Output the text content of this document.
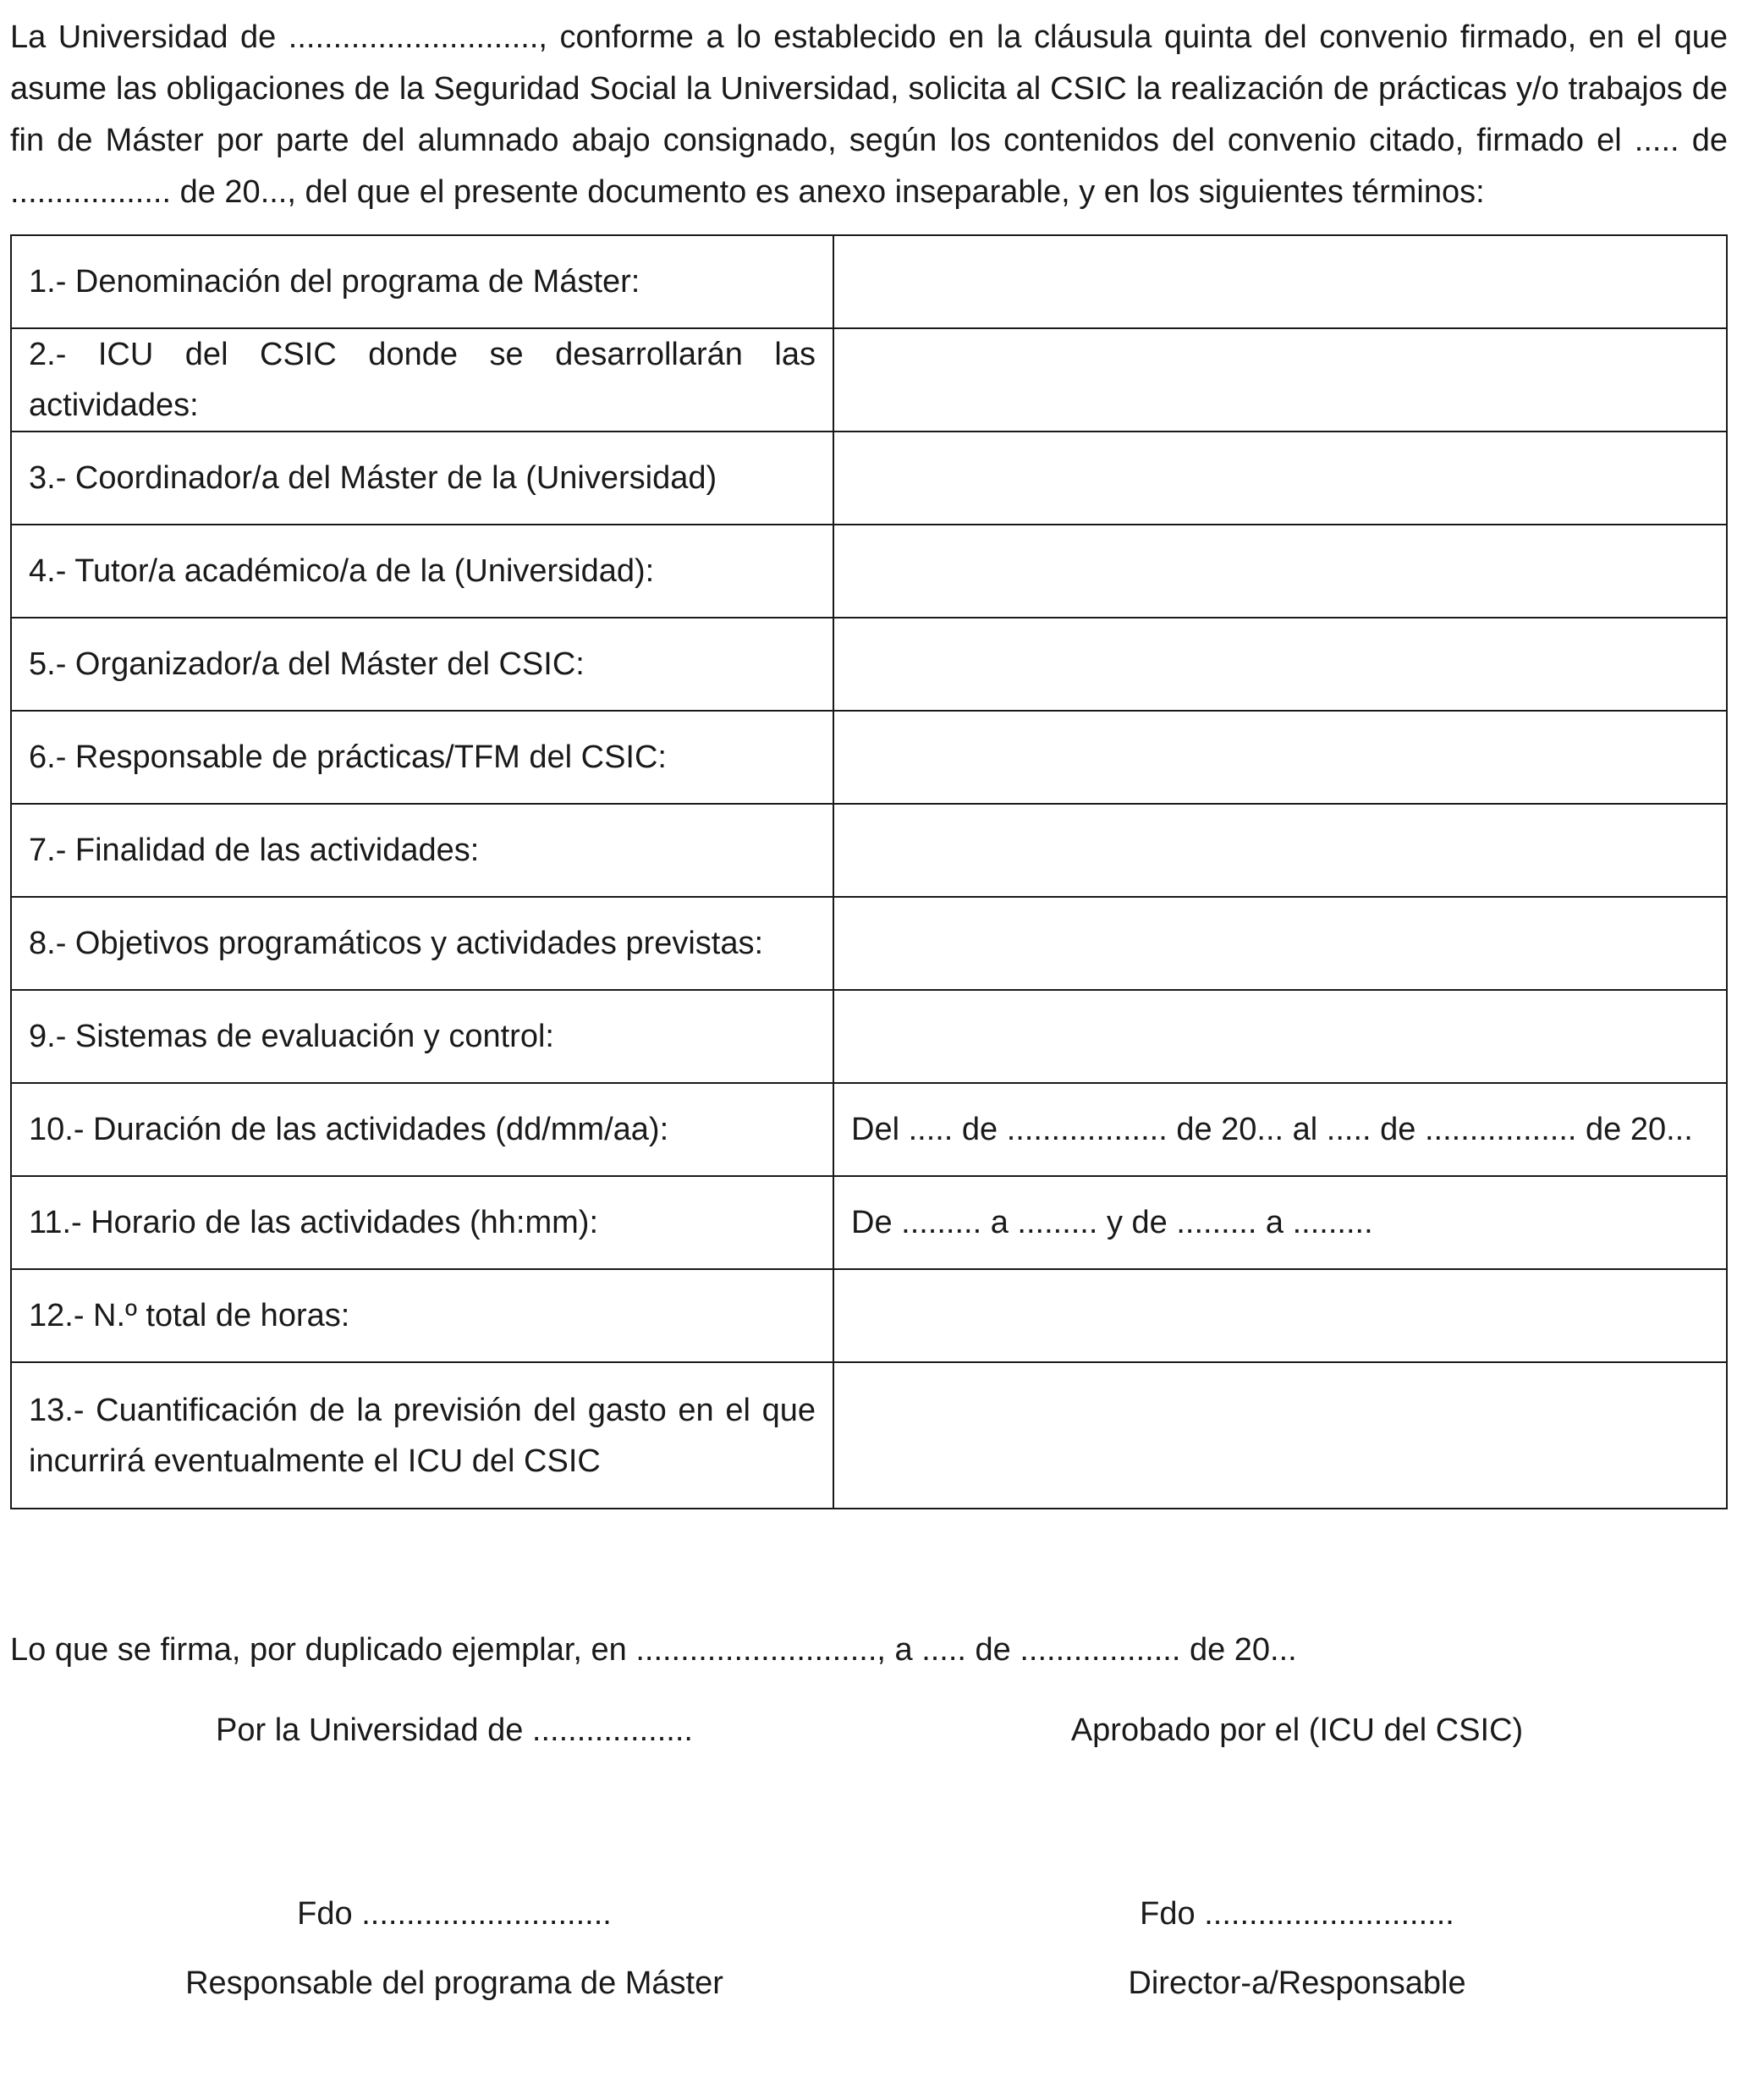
La Universidad de ............................, conforme a lo establecido en la cláusula quinta del convenio firmado, en el que asume las obligaciones de la Seguridad Social la Universidad, solicita al CSIC la realización de prácticas y/o trabajos de fin de Máster por parte del alumnado abajo consignado, según los contenidos del convenio citado, firmado el ..... de .................. de 20..., del que el presente documento es anexo inseparable, y en los siguientes términos:

1.- Denominación del programa de Máster:	
2.- ICU del CSIC donde se desarrollarán las actividades:	
3.- Coordinador/a del Máster de la (Universidad)	
4.- Tutor/a académico/a de la (Universidad):	
5.- Organizador/a del Máster del CSIC:	
6.- Responsable de prácticas/TFM del CSIC:	
7.- Finalidad de las actividades:	
8.- Objetivos programáticos y actividades previstas:	
9.- Sistemas de evaluación y control:	
10.- Duración de las actividades (dd/mm/aa):	Del ..... de .................. de 20... al ..... de ................. de 20...
11.- Horario de las actividades (hh:mm):	De ......... a ......... y de ......... a .........
12.- N.º total de horas:	
13.- Cuantificación de la previsión del gasto en el que incurrirá eventualmente el ICU del CSIC	

Lo que se firma, por duplicado ejemplar, en ..........................., a ..... de .................. de 20...

Por la Universidad de ..................
Fdo ............................
Responsable del programa de Máster
Aprobado por el (ICU del CSIC)
Fdo ............................
Director-a/Responsable
